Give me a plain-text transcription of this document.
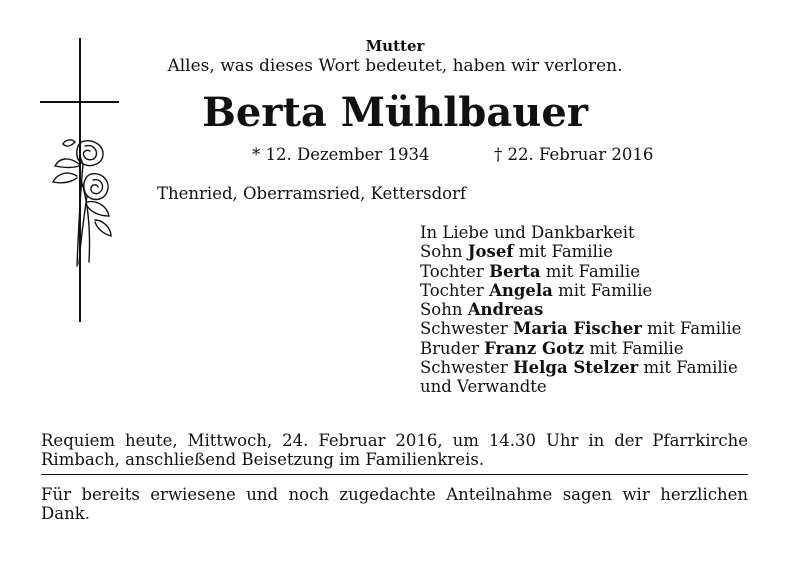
Mutter
Alles, was dieses Wort bedeutet, haben wir verloren.
Berta Mühlbauer
* 12. Dezember 1934	† 22. Februar 2016
Thenried, Oberramsried, Kettersdorf
In Liebe und Dankbarkeit
Sohn Josef mit Familie
Tochter Berta mit Familie
Tochter Angela mit Familie
Sohn Andreas
Schwester Maria Fischer mit Familie
Bruder Franz Gotz mit Familie
Schwester Helga Stelzer mit Familie
und Verwandte
Requiem heute, Mittwoch, 24. Februar 2016, um 14.30 Uhr in der Pfarrkirche
Rimbach, anschließend Beisetzung im Familienkreis.
Für bereits erwiesene und noch zugedachte Anteilnahme sagen wir herzlichen
Dank.
